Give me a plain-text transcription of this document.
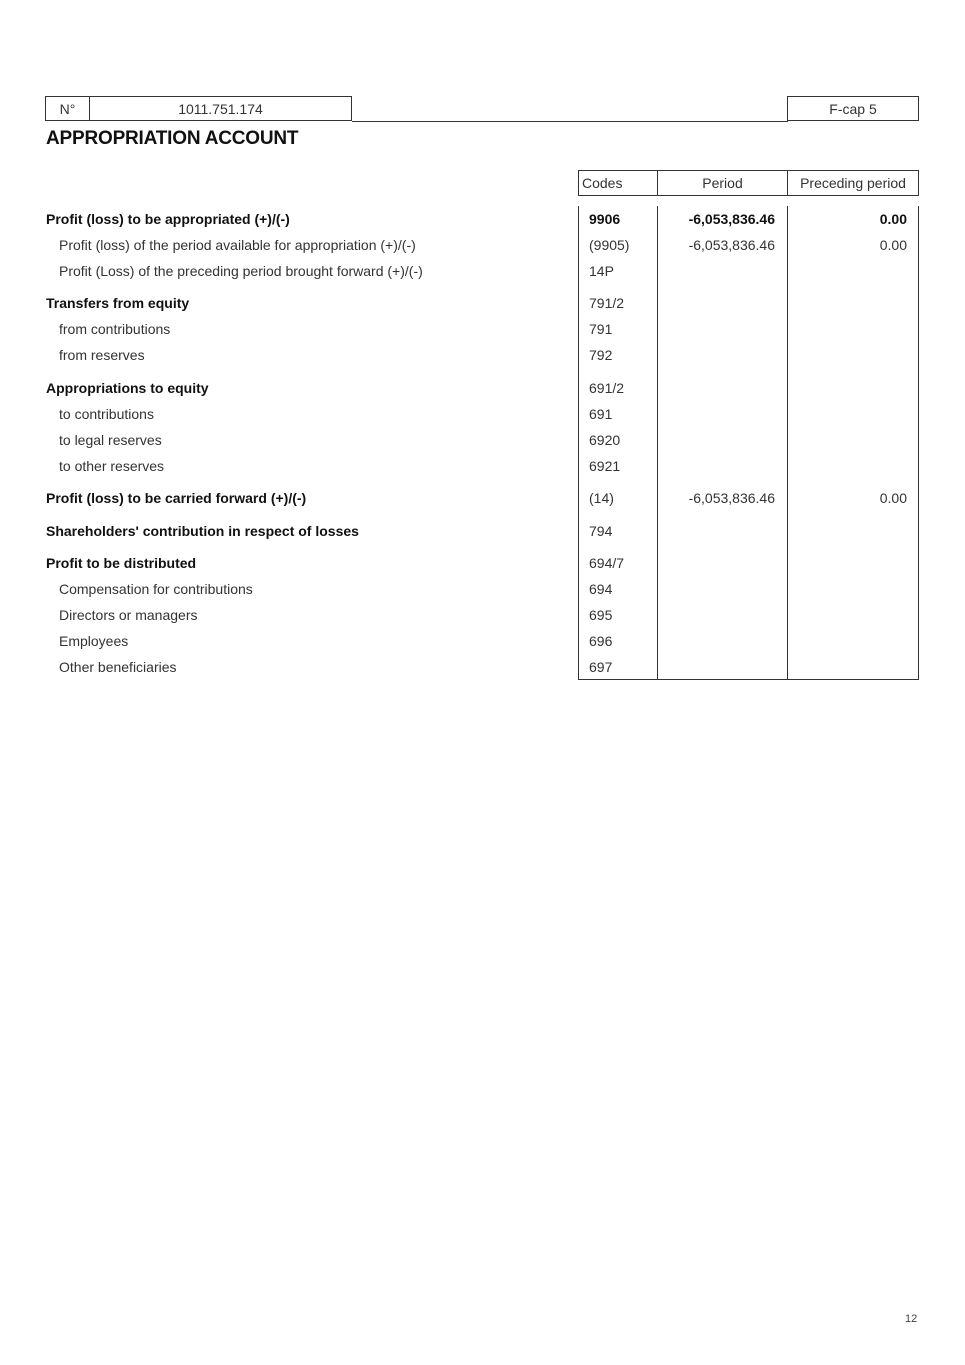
N°	1011.751.174	F-cap 5
APPROPRIATION ACCOUNT
Codes	Period	Preceding period
Profit (loss) to be appropriated (+)/(-)	9906	-6,053,836.46	0.00
Profit (loss) of the period available for appropriation (+)/(-)	(9905)	-6,053,836.46	0.00
Profit (Loss) of the preceding period brought forward (+)/(-)	14P
Transfers from equity	791/2
from contributions	791
from reserves	792
Appropriations to equity	691/2
to contributions	691
to legal reserves	6920
to other reserves	6921
Profit (loss) to be carried forward (+)/(-)	(14)	-6,053,836.46	0.00
Shareholders' contribution in respect of losses	794
Profit to be distributed	694/7
Compensation for contributions	694
Directors or managers	695
Employees	696
Other beneficiaries	697
12
